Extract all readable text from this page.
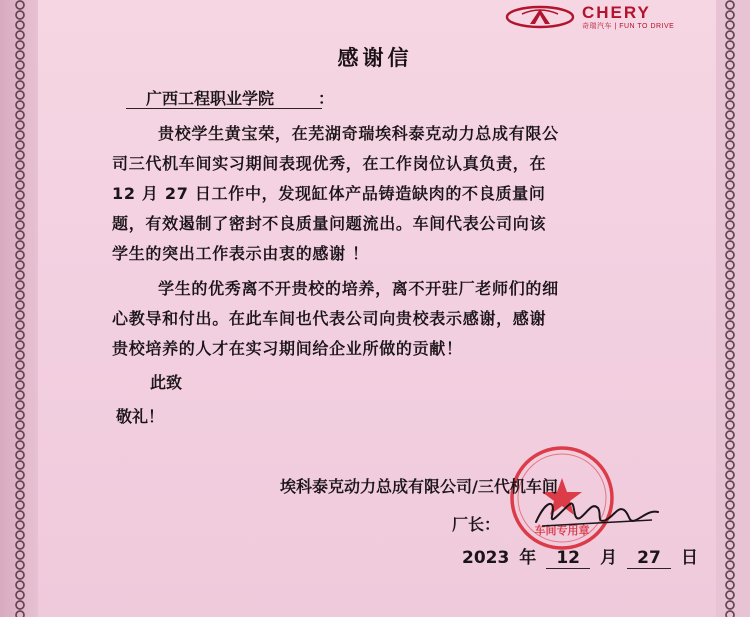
CHERY
奇瑞汽车 | FUN TO DRIVE
感谢信
广西工程职业学院	：
贵校学生黄宝荣，在芜湖奇瑞埃科泰克动力总成有限公
司三代机车间实习期间表现优秀，在工作岗位认真负责，在
12 月 27 日工作中，发现缸体产品铸造缺肉的不良质量问
题，有效遏制了密封不良质量问题流出。车间代表公司向该
学生的突出工作表示由衷的感谢 ！
学生的优秀离不开贵校的培养，离不开驻厂老师们的细
心教导和付出。在此车间也代表公司向贵校表示感谢，感谢
贵校培养的人才在实习期间给企业所做的贡献！
此致
敬礼！
车间专用章
埃科泰克动力总成有限公司/三代机车间
厂长：
2023 年 12 月 27 日
